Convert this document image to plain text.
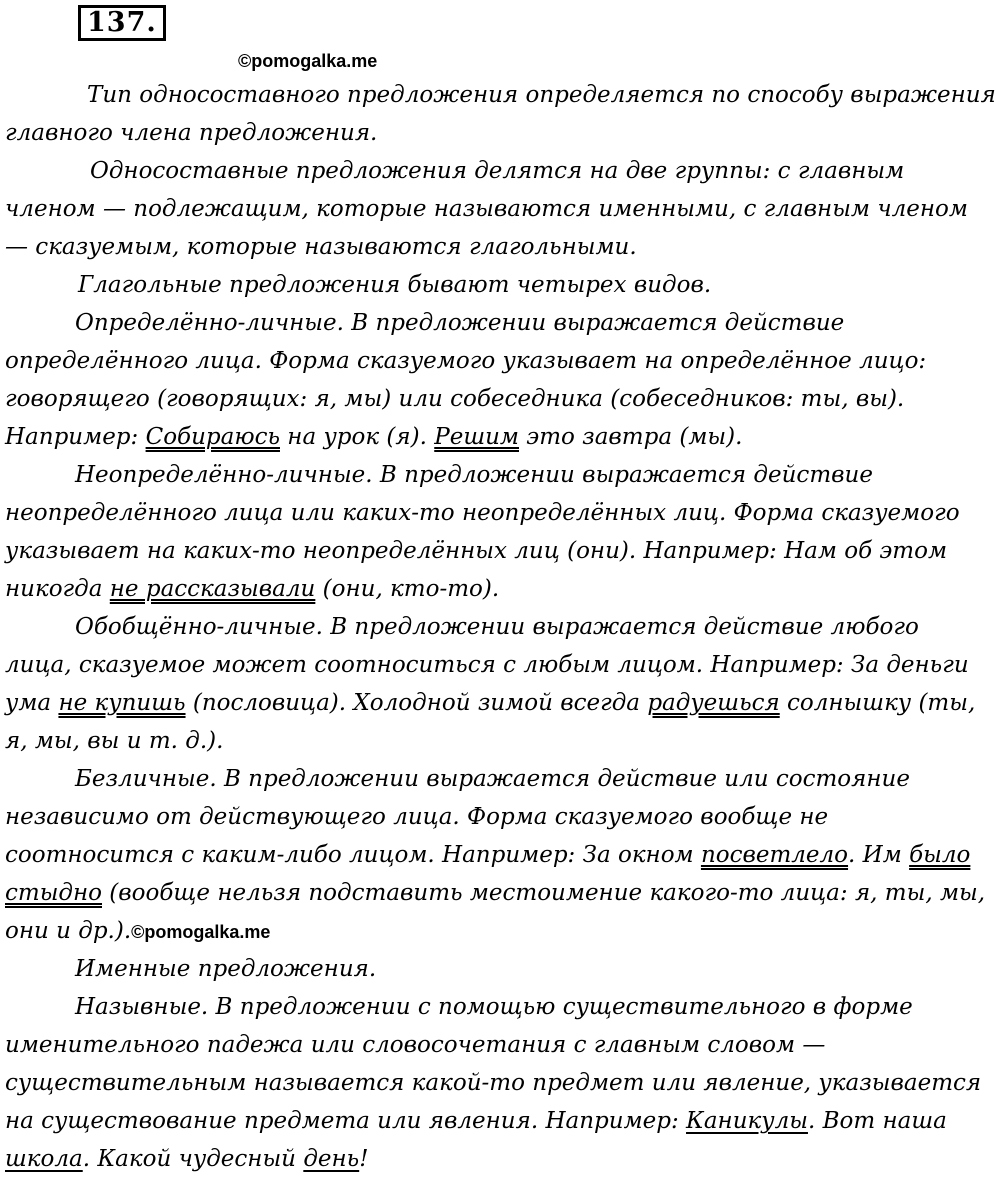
137.
©pomogalka.me
Тип односоставного предложения определяется по способу выражения
главного члена предложения.
Односоставные предложения делятся на две группы: с главным
членом — подлежащим, которые называются именными, с главным членом
— сказуемым, которые называются глагольными.
Глагольные предложения бывают четырех видов.
Определённо-личные. В предложении выражается действие
определённого лица. Форма сказуемого указывает на определённое лицо:
говорящего (говорящих: я, мы) или собеседника (собеседников: ты, вы).
Например: Собираюсь на урок (я). Решим это завтра (мы).
Неопределённо-личные. В предложении выражается действие
неопределённого лица или каких-то неопределённых лиц. Форма сказуемого
указывает на каких-то неопределённых лиц (они). Например: Нам об этом
никогда не рассказывали (они, кто-то).
Обобщённо-личные. В предложении выражается действие любого
лица, сказуемое может соотноситься с любым лицом. Например: За деньги
ума не купишь (пословица). Холодной зимой всегда радуешься солнышку (ты,
я, мы, вы и т. д.).
Безличные. В предложении выражается действие или состояние
независимо от действующего лица. Форма сказуемого вообще не
соотносится с каким-либо лицом. Например: За окном посветлело. Им было
стыдно (вообще нельзя подставить местоимение какого-то лица: я, ты, мы,
они и др.).©pomogalka.me
Именные предложения.
Назывные. В предложении с помощью существительного в форме
именительного падежа или словосочетания с главным словом —
существительным называется какой-то предмет или явление, указывается
на существование предмета или явления. Например: Каникулы. Вот наша
школа. Какой чудесный день!
